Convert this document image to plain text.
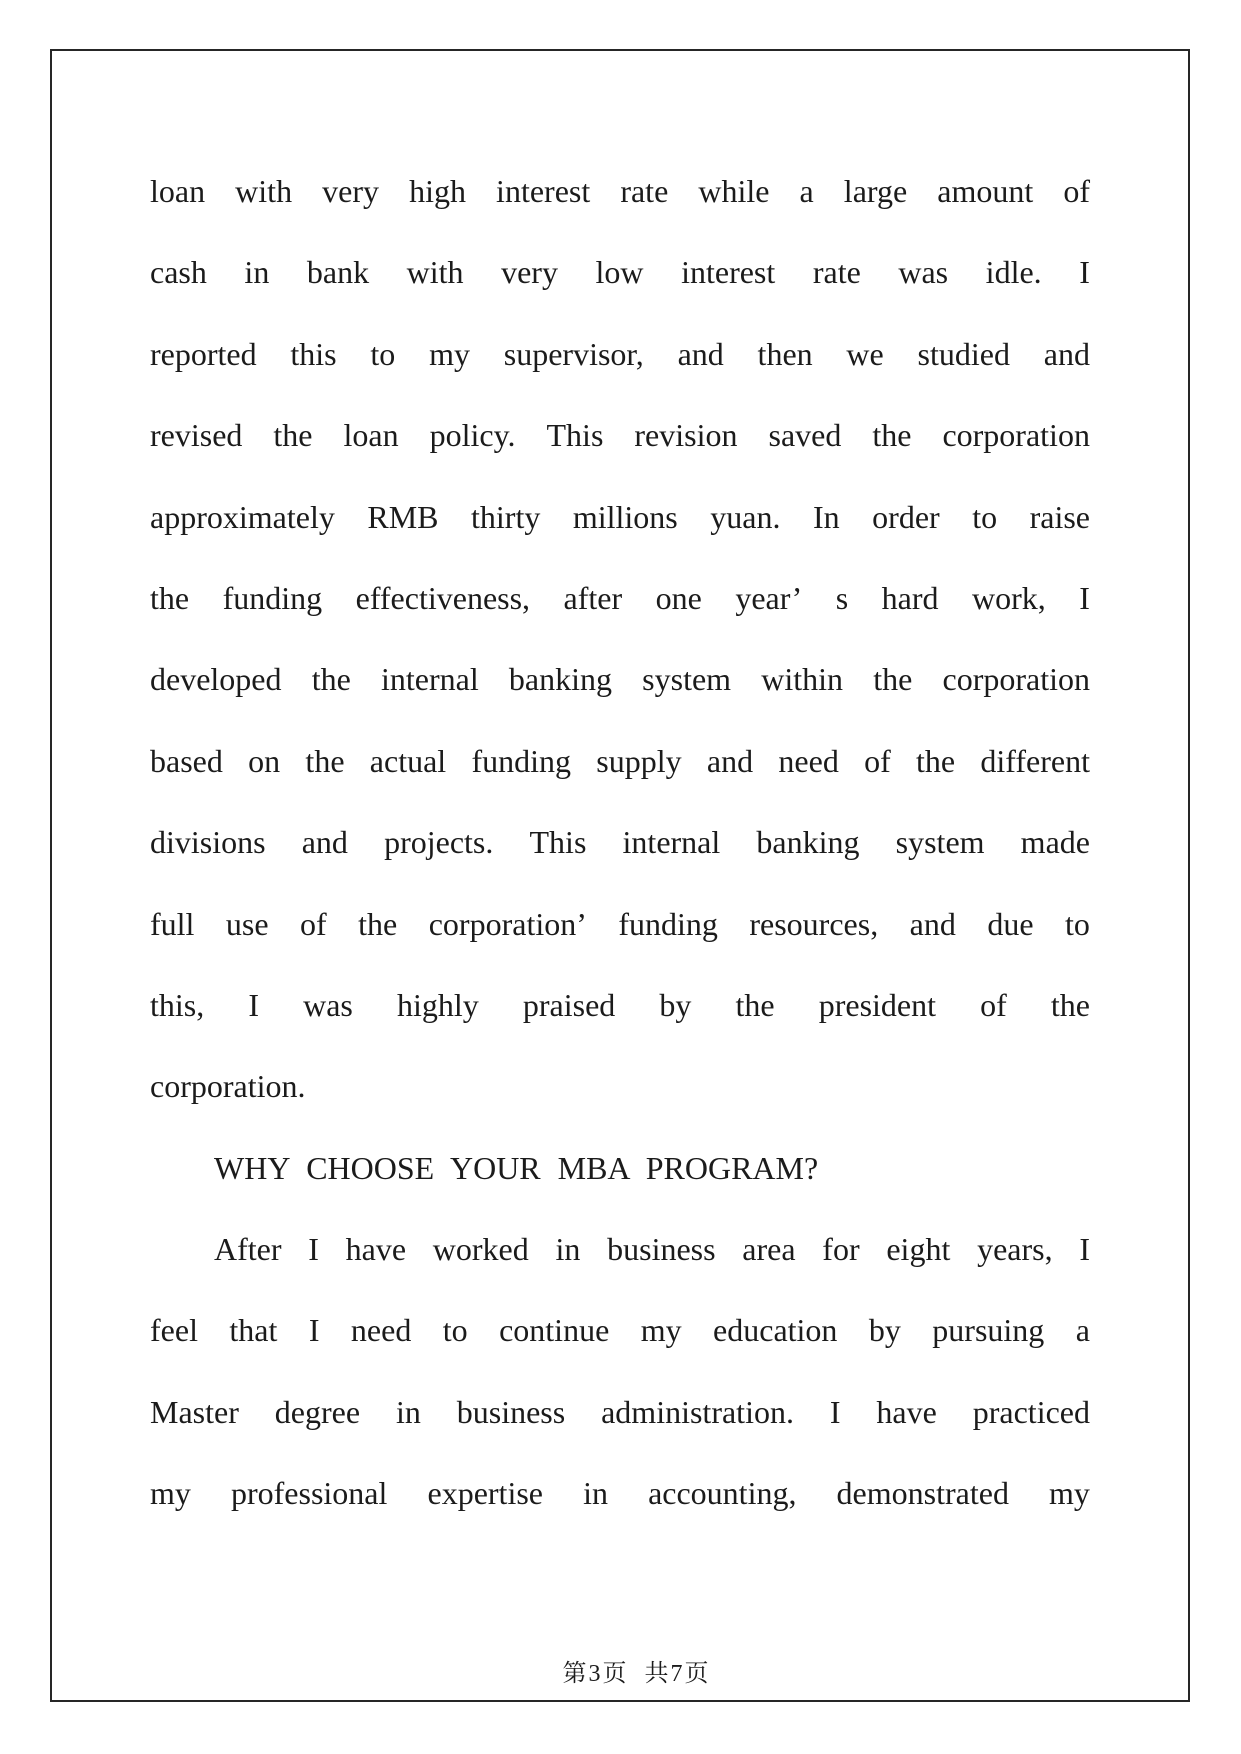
loan with very high interest rate while a large amount of
cash in bank with very low interest rate was idle. I
reported this to my supervisor, and then we studied and
revised the loan policy. This revision saved the corporation
approximately RMB thirty millions yuan. In order to raise
the funding effectiveness, after one year’ s hard work, I
developed the internal banking system within the corporation
based on the actual funding supply and need of the different
divisions and projects. This internal banking system made
full use of the corporation’ funding resources, and due to
this, I was highly praised by the president of the
corporation.
WHY CHOOSE YOUR MBA PROGRAM?
After I have worked in business area for eight years, I
feel that I need to continue my education by pursuing a
Master degree in business administration. I have practiced
my professional expertise in accounting, demonstrated my

第3页  共7页
